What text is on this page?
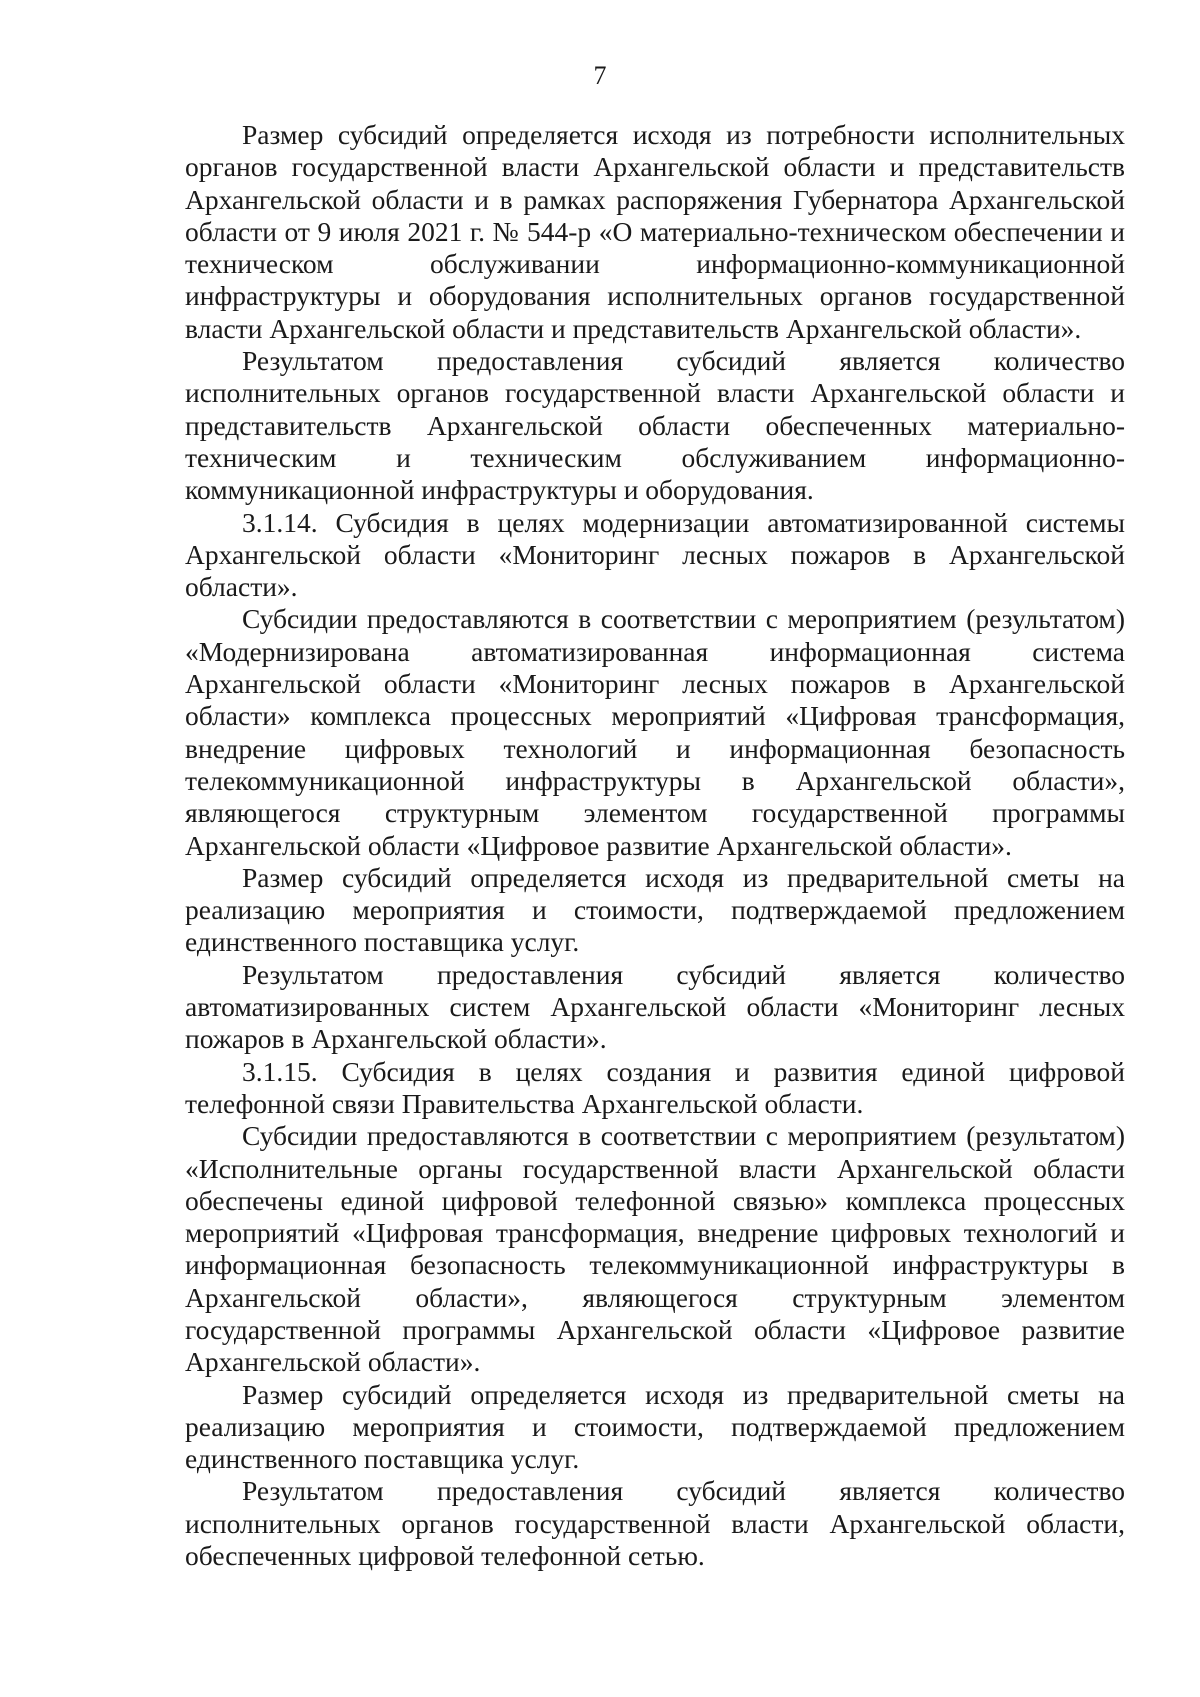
7

Размер субсидий определяется исходя из потребности исполнительных органов государственной власти Архангельской области и представительств Архангельской области и в рамках распоряжения Губернатора Архангельской области от 9 июля 2021 г. № 544-р «О материально-техническом обеспечении и техническом обслуживании информационно-коммуникационной инфраструктуры и оборудования исполнительных органов государственной власти Архангельской области и представительств Архангельской области».

Результатом предоставления субсидий является количество исполнительных органов государственной власти Архангельской области и представительств Архангельской области обеспеченных материально-техническим и техническим обслуживанием информационно-коммуникационной инфраструктуры и оборудования.

3.1.14. Субсидия в целях модернизации автоматизированной системы Архангельской области «Мониторинг лесных пожаров в Архангельской области».

Субсидии предоставляются в соответствии с мероприятием (результатом) «Модернизирована автоматизированная информационная система Архангельской области «Мониторинг лесных пожаров в Архангельской области» комплекса процессных мероприятий «Цифровая трансформация, внедрение цифровых технологий и информационная безопасность телекоммуникационной инфраструктуры в Архангельской области», являющегося структурным элементом государственной программы Архангельской области «Цифровое развитие Архангельской области».

Размер субсидий определяется исходя из предварительной сметы на реализацию мероприятия и стоимости, подтверждаемой предложением единственного поставщика услуг.

Результатом предоставления субсидий является количество автоматизированных систем Архангельской области «Мониторинг лесных пожаров в Архангельской области».

3.1.15. Субсидия в целях создания и развития единой цифровой телефонной связи Правительства Архангельской области.

Субсидии предоставляются в соответствии с мероприятием (результатом) «Исполнительные органы государственной власти Архангельской области обеспечены единой цифровой телефонной связью» комплекса процессных мероприятий «Цифровая трансформация, внедрение цифровых технологий и информационная безопасность телекоммуникационной инфраструктуры в Архангельской области», являющегося структурным элементом государственной программы Архангельской области «Цифровое развитие Архангельской области».

Размер субсидий определяется исходя из предварительной сметы на реализацию мероприятия и стоимости, подтверждаемой предложением единственного поставщика услуг.

Результатом предоставления субсидий является количество исполнительных органов государственной власти Архангельской области, обеспеченных цифровой телефонной сетью.
